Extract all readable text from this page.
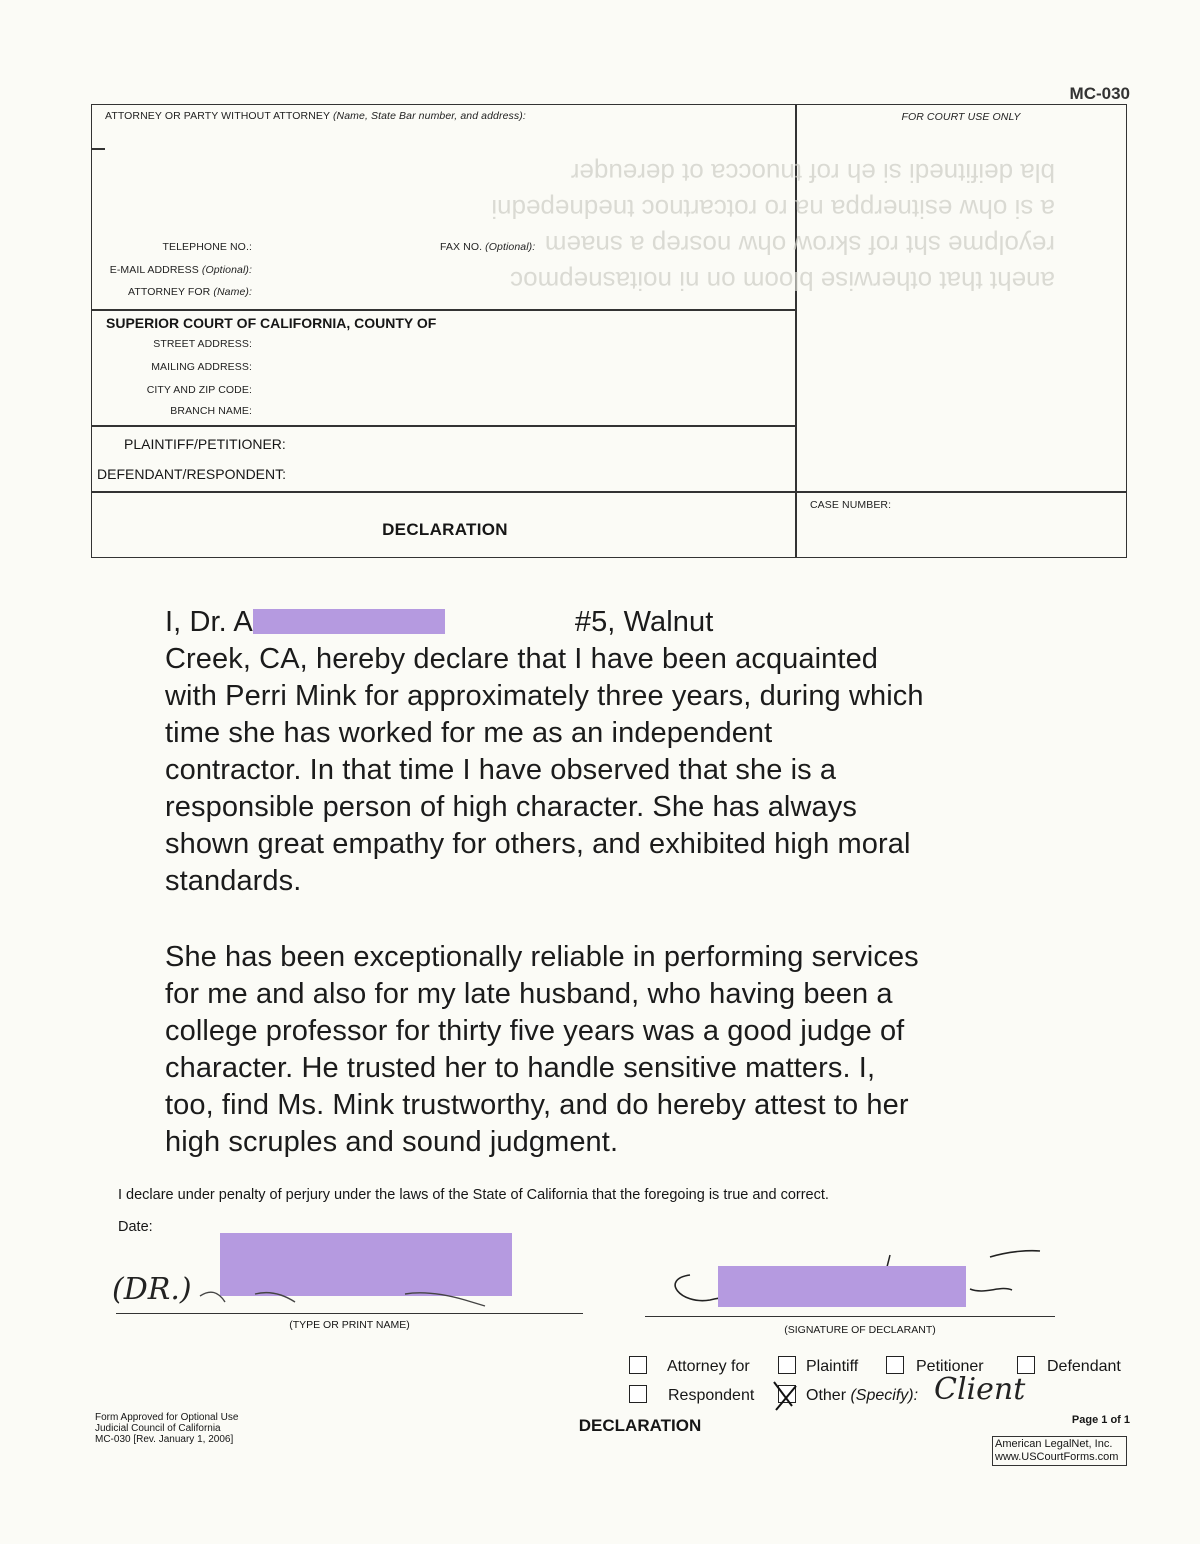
MC-030
aneht that otherwise bloom on ni noitasnepmoc
reyolpme sht rof skrow ohw nosrep a snaem
a si ohw esitnerppa na ro rotcartnoc tnednepedni
bla deifitnedi si eh rof tnuocca ot dereuqer
ATTORNEY OR PARTY WITHOUT ATTORNEY (Name, State Bar number, and address):	FOR COURT USE ONLY
TELEPHONE NO.:	FAX NO. (Optional):
E-MAIL ADDRESS (Optional):
ATTORNEY FOR (Name):
SUPERIOR COURT OF CALIFORNIA, COUNTY OF
STREET ADDRESS:
MAILING ADDRESS:
CITY AND ZIP CODE:
BRANCH NAME:
PLAINTIFF/PETITIONER:
DEFENDANT/RESPONDENT:
DECLARATION
CASE NUMBER:

I, Dr. A	#5, Walnut

Creek, CA, hereby declare that I have been acquainted

with Perri Mink for approximately three years, during which

time she has worked for me as an independent

contractor. In that time I have observed that she is a

responsible person of high character. She has always

shown great empathy for others, and exhibited high moral

standards.

She has been exceptionally reliable in performing services

for me and also for my late husband, who having been a

college professor for thirty five years was a good judge of

character. He trusted her to handle sensitive matters. I,

too, find Ms. Mink trustworthy, and do hereby attest to her

high scruples and sound judgment.

I declare under penalty of perjury under the laws of the State of California that the foregoing is true and correct.
Date:
(DR.)
(TYPE OR PRINT NAME)	(SIGNATURE OF DECLARANT)
Attorney for	Plaintiff	Petitioner	Defendant
Respondent	Other (Specify): Client
Form Approved for Optional Use
Judicial Council of California
MC-030 [Rev. January 1, 2006]
DECLARATION	Page 1 of 1
American LegalNet, Inc.
www.USCourtForms.com
